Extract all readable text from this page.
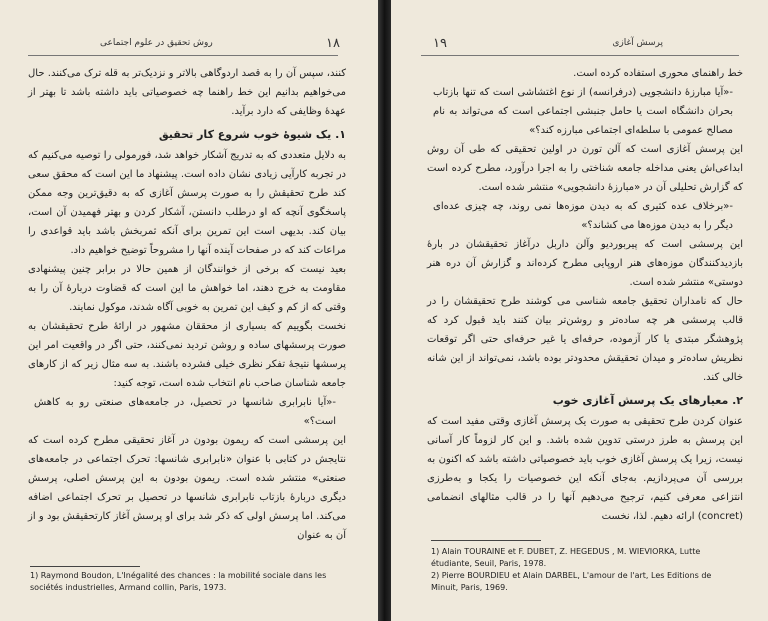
۱۸
روش تحقیق در علوم اجتماعی

کنند، سپس آن را به قصد اردوگاهی بالاتر و نزدیک‌تر به قله ترک می‌کنند. حال می‌خواهیم بدانیم این خط راهنما چه خصوصیاتی باید داشته باشد تا بهتر از عهدهٔ وظایفی که دارد برآید.

۱. یک شیوهٔ خوب شروع کار تحقیق

به دلایل متعددی که به تدریج آشکار خواهد شد، فورمولی را توصیه می‌کنیم که در تجربه کارآیی زیادی نشان داده است. پیشنهاد ما این است که محقق سعی کند طرح تحقیقش را به صورت پرسش آغازی که به دقیق‌ترین وجه ممکن پاسخگوی آنچه که او درطلب دانستن، آشکار کردن و بهتر فهمیدن آن است، بیان کند. بدیهی است این تمرین برای آنکه ثمربخش باشد باید قواعدی را مراعات کند که در صفحات آینده آنها را مشروحاً توضیح خواهیم داد.

بعید نیست که برخی از خوانندگان از همین حالا در برابر چنین پیشنهادی مقاومت به خرج دهند، اما خواهش ما این است که قضاوت دربارهٔ آن را به وقتی که از کم و کیف این تمرین به خوبی آگاه شدند، موکول نمایند.

نخست بگوییم که بسیاری از محققان مشهور در ارائهٔ طرح تحقیقشان به صورت پرسشهای ساده و روشن تردید نمی‌کنند، حتی اگر در واقعیت امر این پرسشها نتیجهٔ تفکر نظری خیلی فشرده باشند. به سه مثال زیر که از کارهای جامعه شناسان صاحب نام انتخاب شده است، توجه کنید:

-«آیا نابرابری شانسها در تحصیل، در جامعه‌های صنعتی رو به کاهش است؟»

این پرسشی است که ریمون بودون در آغاز تحقیقی مطرح کرده است که نتایجش در کتابی با عنوان «نابرابری شانسها: تحرک اجتماعی در جامعه‌های صنعتی» منتشر شده است. ریمون بودون به این پرسش اصلی، پرسش دیگری دربارهٔ بازتاب نابرابری شانسها در تحصیل بر تحرک اجتماعی اضافه می‌کند. اما پرسش اولی که ذکر شد برای او پرسش آغاز کارتحقیقش بود و از آن به عنوان

1) Raymond Boudon, L'Inégalité des chances : la mobilité sociale dans les sociétés industrielles, Armand collin, Paris, 1973.
۱۹	پرسش آغازی

خط راهنمای محوری استفاده کرده است.

-«آیا مبارزهٔ دانشجویی (درفرانسه) از نوع اغتشاشی است که تنها بازتاب بحران دانشگاه است یا حامل جنبشی اجتماعی است که می‌تواند به نام مصالح عمومی با سلطه‌ای اجتماعی مبارزه کند؟»

این پرسش آغازی است که آلن تورن در اولین تحقیقی که طی آن روش ابداعی‌اش یعنی مداخله جامعه شناختی را به اجرا درآورد، مطرح کرده است که گزارش تحلیلی آن در «مبارزهٔ دانشجویی» منتشر شده است.

-«برخلاف عده کثیری که به دیدن موزه‌ها نمی روند، چه چیزی عده‌ای دیگر را به دیدن موزه‌ها می کشاند؟»

این پرسشی است که پیربوردیو وآلن داربل درآغاز تحقیقشان در بارهٔ بازدیدکنندگان موزه‌های هنر اروپایی مطرح کرده‌اند و گزارش آن دره هنر دوستی» منتشر شده است.

حال که نامداران تحقیق جامعه شناسی می کوشند طرح تحقیقشان را در قالب پرسشی هر چه ساده‌تر و روشن‌تر بیان کنند باید قبول کرد که پژوهشگر مبتدی یا کار آزموده، حرفه‌ای یا غیر حرفه‌ای حتی اگر توقعات نظریش ساده‌تر و میدان تحقیقش محدودتر بوده باشد، نمی‌تواند از این شانه خالی کند.

۲. معیارهای یک پرسش آغازی خوب

عنوان کردن طرح تحقیقی به صورت یک پرسش آغازی وقتی مفید است که این پرسش به طرز درستی تدوین شده باشد. و این کار لزوماً کار آسانی نیست، زیرا یک پرسش آغازی خوب باید خصوصیاتی داشته باشد که اکنون به بررسی آن می‌پردازیم. به‌جای آنکه این خصوصیات را یکجا و به‌طرزی انتزاعی معرفی کنیم، ترجیح می‌دهیم آنها را در قالب مثالهای انضمامی (concret) ارائه دهیم. لذا، نخست

1) Alain TOURAINE et F. DUBET, Z. HEGEDUS , M. WIEVIORKA, Lutte étudiante, Seuil, Paris, 1978.
2) Pierre BOURDIEU et Alain DARBEL, L'amour de l'art, Les Editions de Minuit, Paris, 1969.
